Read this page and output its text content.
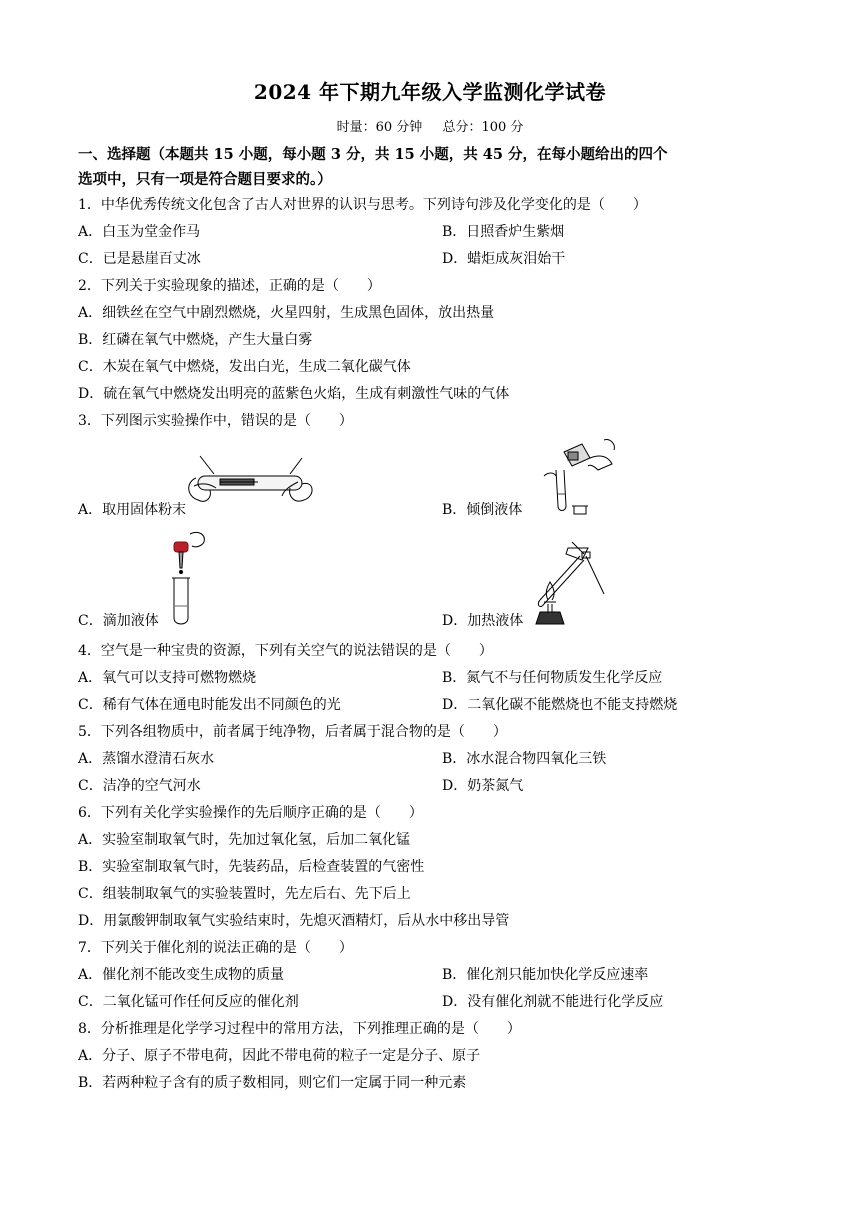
2024 年下期九年级入学监测化学试卷
时量：60 分钟 总分：100 分
一、选择题（本题共 15 小题，每小题 3 分，共 15 小题，共 45 分，在每小题给出的四个
选项中，只有一项是符合题目要求的。）
1．中华优秀传统文化包含了古人对世界的认识与思考。下列诗句涉及化学变化的是（　　）
A．白玉为堂金作马	B．日照香炉生紫烟
C．已是悬崖百丈冰	D．蜡炬成灰泪始干
2．下列关于实验现象的描述，正确的是（　　）
A．细铁丝在空气中剧烈燃烧，火星四射，生成黑色固体，放出热量
B．红磷在氧气中燃烧，产生大量白雾
C．木炭在氧气中燃烧，发出白光，生成二氧化碳气体
D．硫在氧气中燃烧发出明亮的蓝紫色火焰，生成有刺激性气味的气体
3．下列图示实验操作中，错误的是（　　）
A．取用固体粉末	B．倾倒液体
C．滴加液体	D．加热液体
4．空气是一种宝贵的资源，下列有关空气的说法错误的是（　　）
A．氧气可以支持可燃物燃烧	B．氮气不与任何物质发生化学反应
C．稀有气体在通电时能发出不同颜色的光	D．二氧化碳不能燃烧也不能支持燃烧
5．下列各组物质中，前者属于纯净物，后者属于混合物的是（　　）
A．蒸馏水澄清石灰水	B．冰水混合物四氧化三铁
C．洁净的空气河水	D．奶茶氮气
6．下列有关化学实验操作的先后顺序正确的是（　　）
A．实验室制取氧气时，先加过氧化氢，后加二氧化锰
B．实验室制取氧气时，先装药品，后检查装置的气密性
C．组装制取氧气的实验装置时，先左后右、先下后上
D．用氯酸钾制取氧气实验结束时，先熄灭酒精灯，后从水中移出导管
7．下列关于催化剂的说法正确的是（　　）
A．催化剂不能改变生成物的质量	B．催化剂只能加快化学反应速率
C．二氧化锰可作任何反应的催化剂	D．没有催化剂就不能进行化学反应
8．分析推理是化学学习过程中的常用方法，下列推理正确的是（　　）
A．分子、原子不带电荷，因此不带电荷的粒子一定是分子、原子
B．若两种粒子含有的质子数相同，则它们一定属于同一种元素
